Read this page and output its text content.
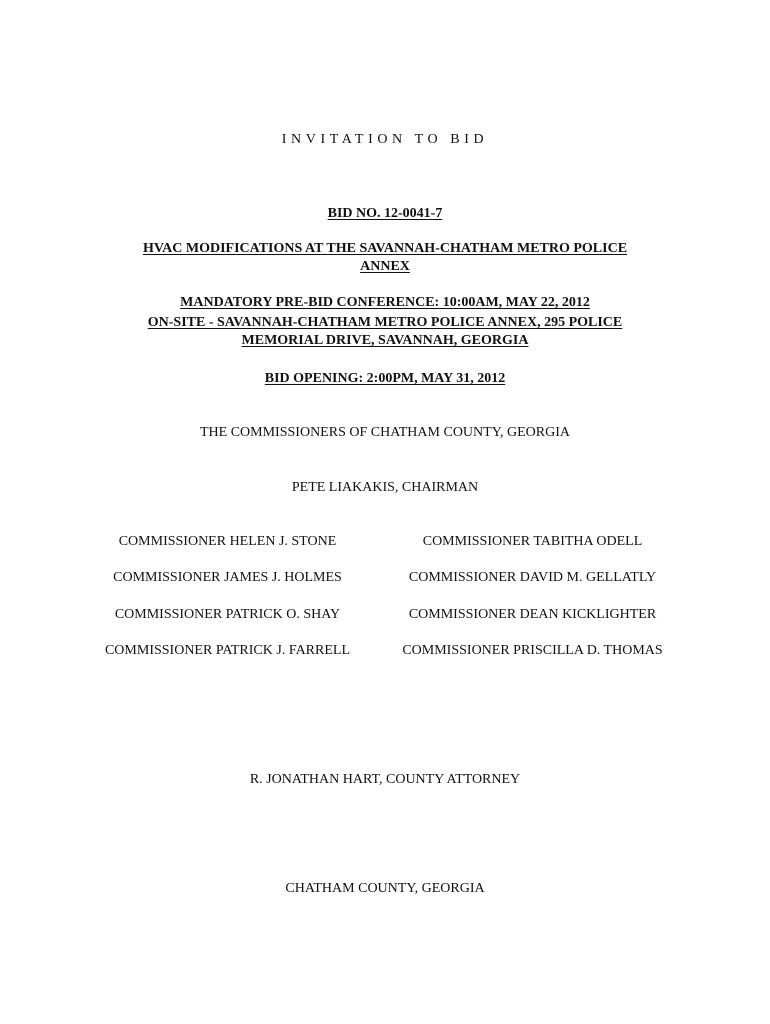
INVITATION TO BID
BID NO. 12-0041-7
HVAC MODIFICATIONS AT THE SAVANNAH-CHATHAM METRO POLICE
ANNEX
MANDATORY PRE-BID CONFERENCE: 10:00AM, MAY 22, 2012
ON-SITE - SAVANNAH-CHATHAM METRO POLICE ANNEX, 295 POLICE
MEMORIAL DRIVE, SAVANNAH, GEORGIA
BID OPENING: 2:00PM, MAY 31, 2012
THE COMMISSIONERS OF CHATHAM COUNTY, GEORGIA
PETE LIAKAKIS, CHAIRMAN
COMMISSIONER HELEN J. STONE	COMMISSIONER TABITHA ODELL
COMMISSIONER JAMES J. HOLMES	COMMISSIONER DAVID M. GELLATLY
COMMISSIONER PATRICK O. SHAY	COMMISSIONER DEAN KICKLIGHTER
COMMISSIONER PATRICK J. FARRELL	COMMISSIONER PRISCILLA D. THOMAS
R. JONATHAN HART, COUNTY ATTORNEY
CHATHAM COUNTY, GEORGIA
